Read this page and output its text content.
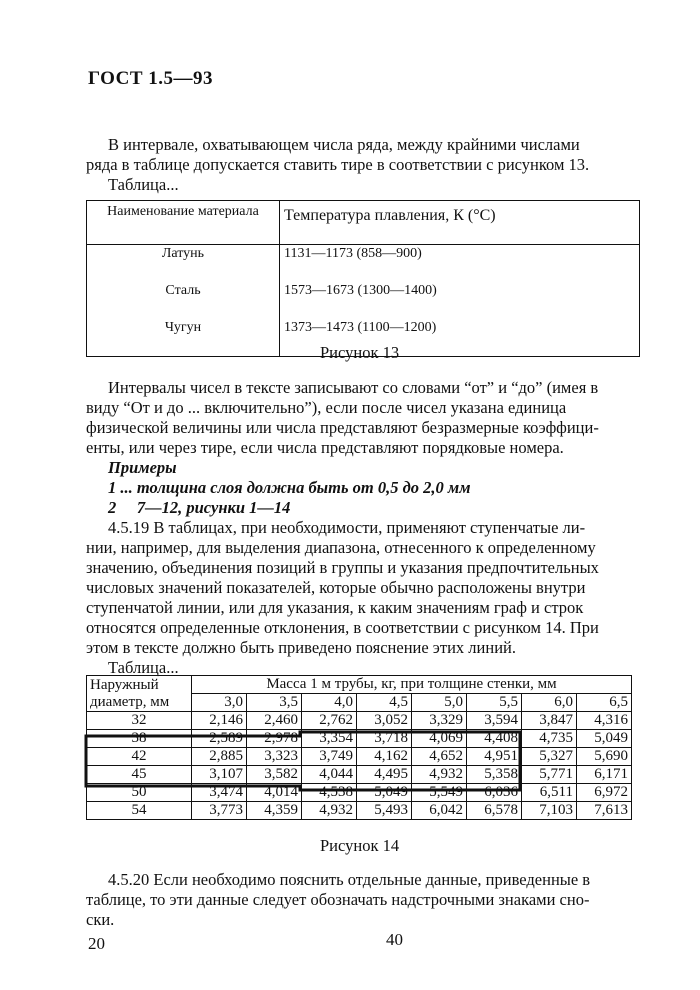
ГОСТ 1.5—93
В интервале, охватывающем числа ряда, между крайними числами
ряда в таблице допускается ставить тире в соответствии с рисунком 13.
Таблица...
Наименование материала	Температура плавления, К (°С)
Латунь	1131—1173 (858—900)
Сталь	1573—1673 (1300—1400)
Чугун	1373—1473 (1100—1200)
Рисунок 13
Интервалы чисел в тексте записывают со словами “от” и “до” (имея в
виду “От и до ... включительно”), если после чисел указана единица
физической величины или числа представляют безразмерные коэффици-
енты, или через тире, если числа представляют порядковые номера.
Примеры
1 ... толщина слоя должна быть от 0,5 до 2,0 мм
2     7—12, рисунки 1—14
4.5.19 В таблицах, при необходимости, применяют ступенчатые ли-
нии, например, для выделения диапазона, отнесенного к определенному
значению, объединения позиций в группы и указания предпочтительных
числовых значений показателей, которые обычно расположены внутри
ступенчатой линии, или для указания, к каким значениям граф и строк
относятся определенные отклонения, в соответствии с рисунком 14. При
этом в тексте должно быть приведено пояснение этих линий.
Таблица...
Наружный диаметр, мм	Масса 1 м трубы, кг, при толщине стенки, мм							
	3,0	3,5	4,0	4,5	5,0	5,5	6,0	6,5
32	2,146	2,460	2,762	3,052	3,329	3,594	3,847	4,316
38	2,589	2,978	3,354	3,718	4,069	4,408	4,735	5,049
42	2,885	3,323	3,749	4,162	4,652	4,951	5,327	5,690
45	3,107	3,582	4,044	4,495	4,932	5,358	5,771	6,171
50	3,474	4,014	4,538	5,049	5,549	6,036	6,511	6,972
54	3,773	4,359	4,932	5,493	6,042	6,578	7,103	7,613
Рисунок 14
4.5.20 Если необходимо пояснить отдельные данные, приведенные в
таблице, то эти данные следует обозначать надстрочными знаками сно-
ски.
20	40
